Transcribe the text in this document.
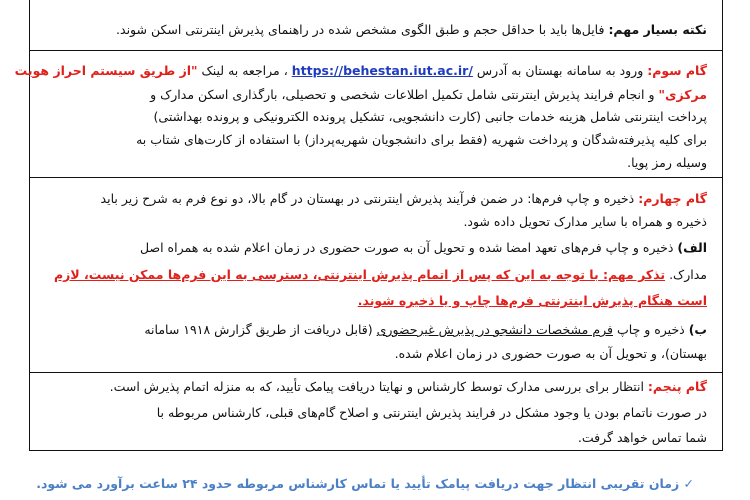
نکته بسیار مهم: فایل‌ها باید با حداقل حجم و طبق الگوی مشخص شده در راهنمای پذیرش اینترنتی اسکن شوند.
گام سوم: ورود به سامانه بهستان به آدرس https://behestan.iut.ac.ir/ ، مراجعه به لینک "از طریق سیستم احراز هویت
مرکزی" و انجام فرایند پذیرش اینترنتی شامل تکمیل اطلاعات شخصی و تحصیلی، بارگذاری اسکن مدارک و
پرداخت اینترنتی شامل هزینه خدمات جانبی (کارت دانشجویی، تشکیل پرونده الکترونیکی و پرونده بهداشتی)
برای کلیه پذیرفته‌شدگان و پرداخت شهریه (فقط برای دانشجویان شهریه‌پرداز) با استفاده از کارت‌های شتاب به
وسیله رمز پویا.
گام چهارم: ذخیره و چاپ فرم‌ها: در ضمن فرآیند پذیرش اینترنتی در بهستان در گام بالا، دو نوع فرم به شرح زیر باید
ذخیره و همراه با سایر مدارک تحویل داده شود.
الف) ذخیره و چاپ فرم‌های تعهد امضا شده و تحویل آن به صورت حضوری در زمان اعلام شده به همراه اصل
مدارک. تذکر مهم: با توجه به این که پس از اتمام پذیرش اینترنتی، دسترسی به این فرم‌ها ممکن نیست، لازم
است هنگام پذیرش اینترنتی فرم‌ها چاپ و یا ذخیره شوند.
ب) ذخیره و چاپ فرم مشخصات دانشجو در پذیرش غیرحضوری (قابل دریافت از طریق گزارش ۱۹۱۸ سامانه
بهستان)، و تحویل آن به صورت حضوری در زمان اعلام شده.
گام پنجم: انتظار برای بررسی مدارک توسط کارشناس و نهایتا دریافت پیامک تأیید، که به منزله اتمام پذیرش است.
در صورت ناتمام بودن یا وجود مشکل در فرایند پذیرش اینترنتی و اصلاح گام‌های قبلی، کارشناس مربوطه با
شما تماس خواهد گرفت.
✓ زمان تقریبی انتظار جهت دریافت پیامک تأیید یا تماس کارشناس مربوطه حدود ۲۴ ساعت برآورد می شود.
